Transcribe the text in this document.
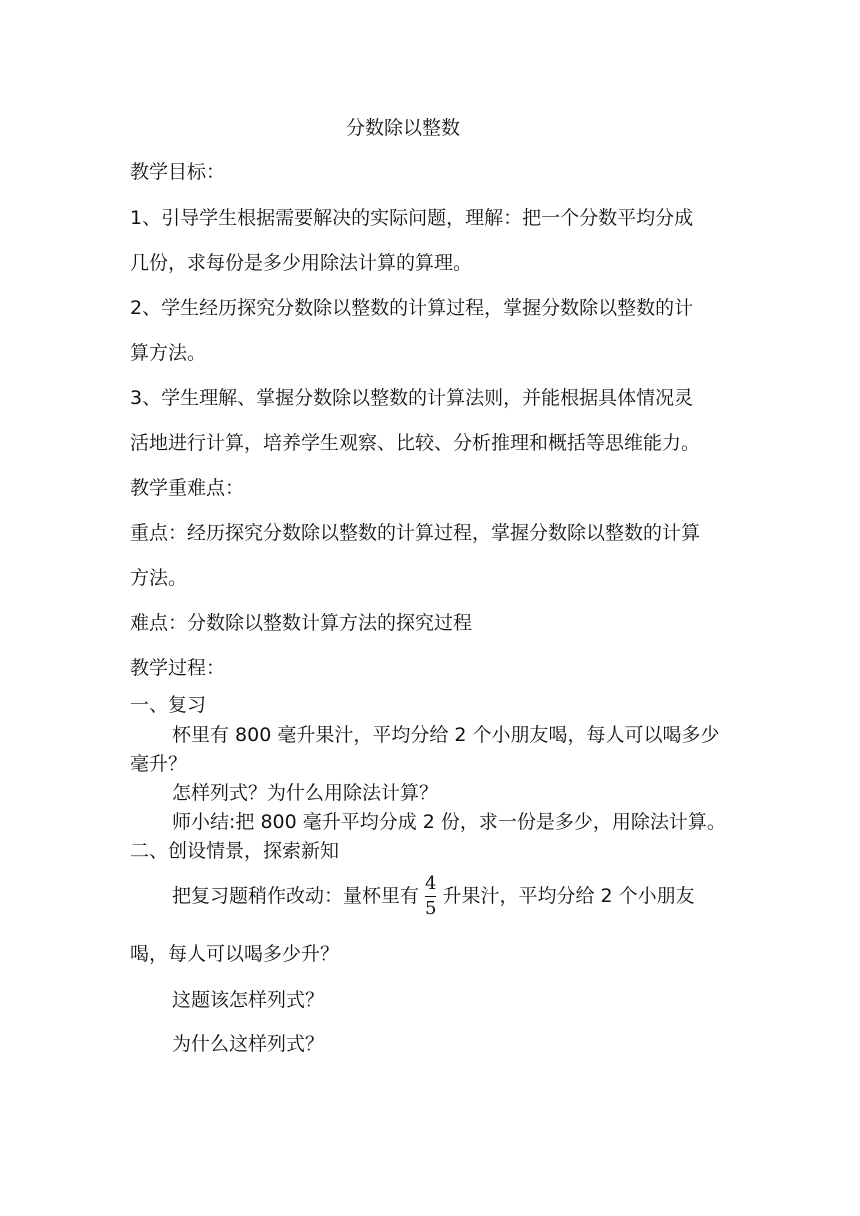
分数除以整数
教学目标：
1、引导学生根据需要解决的实际问题，理解：把一个分数平均分成
几份，求每份是多少用除法计算的算理。
2、学生经历探究分数除以整数的计算过程，掌握分数除以整数的计
算方法。
3、学生理解、掌握分数除以整数的计算法则，并能根据具体情况灵
活地进行计算，培养学生观察、比较、分析推理和概括等思维能力。
教学重难点：
重点：经历探究分数除以整数的计算过程，掌握分数除以整数的计算
方法。
难点：分数除以整数计算方法的探究过程
教学过程：
一、复习
杯里有 800 毫升果汁，平均分给 2 个小朋友喝，每人可以喝多少
毫升？
怎样列式？为什么用除法计算？
师小结:把 800 毫升平均分成 2 份，求一份是多少，用除法计算。
二、创设情景，探索新知
把复习题稍作改动：量杯里有 $\frac{4}{5}$ 升果汁，平均分给 2 个小朋友
喝，每人可以喝多少升？
这题该怎样列式？
为什么这样列式？
